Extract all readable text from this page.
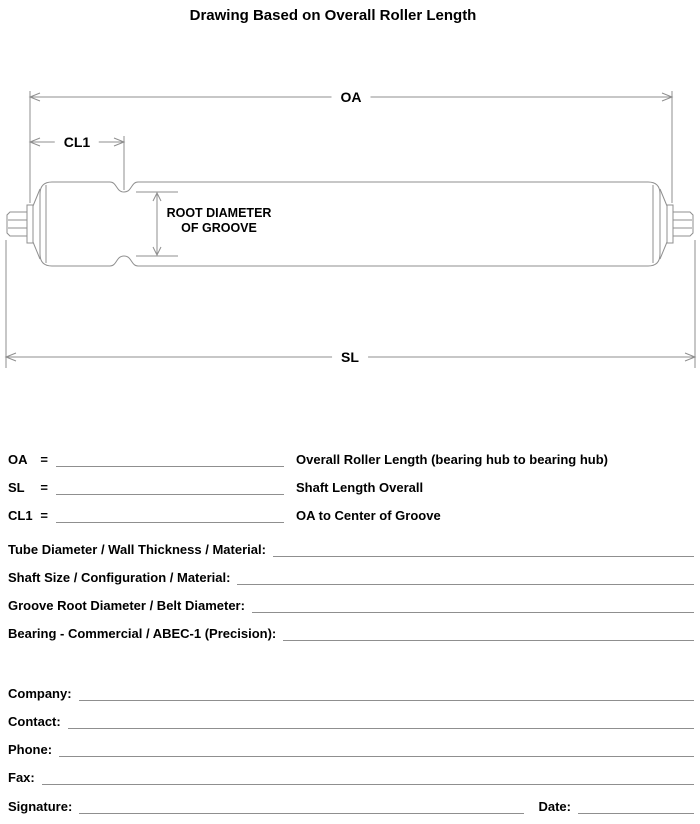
Drawing Based on Overall Roller Length
OA
CL1
SL
ROOT DIAMETER
OF GROOVE
OA =	Overall Roller Length (bearing hub to bearing hub)
SL =	Shaft Length Overall
CL1 =	OA to Center of Groove
Tube Diameter / Wall Thickness / Material:
Shaft Size / Configuration / Material:
Groove Root Diameter / Belt Diameter:
Bearing - Commercial / ABEC-1 (Precision):
Company:
Contact:
Phone:
Fax:
Signature:	Date:
